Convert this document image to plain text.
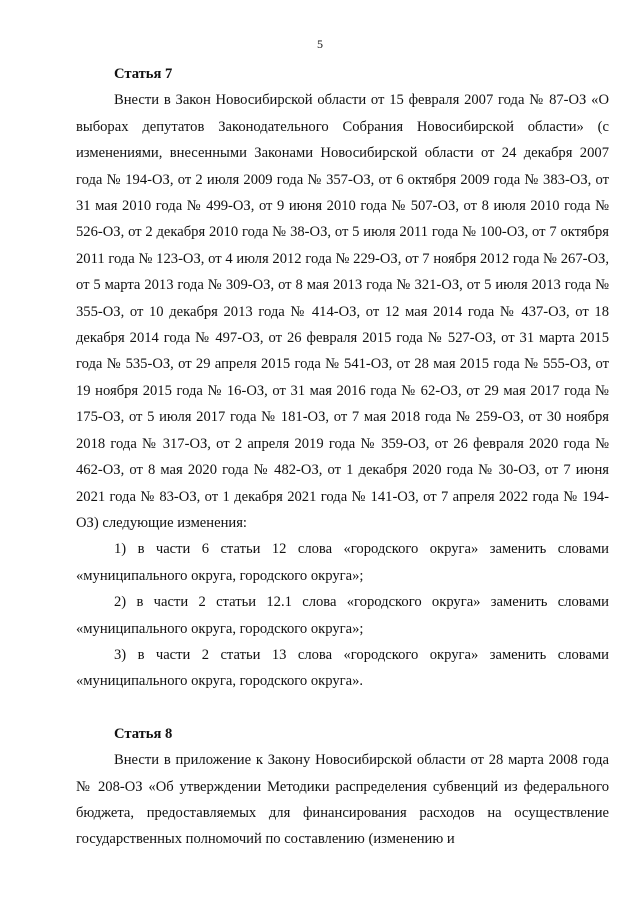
5

Статья 7

Внести в Закон Новосибирской области от 15 февраля 2007 года № 87-ОЗ «О выборах депутатов Законодательного Собрания Новосибирской области» (с изменениями, внесенными Законами Новосибирской области от 24 декабря 2007 года № 194-ОЗ, от 2 июля 2009 года № 357-ОЗ, от 6 октября 2009 года № 383-ОЗ, от 31 мая 2010 года № 499-ОЗ, от 9 июня 2010 года № 507-ОЗ, от 8 июля 2010 года № 526-ОЗ, от 2 декабря 2010 года № 38-ОЗ, от 5 июля 2011 года № 100-ОЗ, от 7 октября 2011 года № 123-ОЗ, от 4 июля 2012 года № 229-ОЗ, от 7 ноября 2012 года № 267-ОЗ, от 5 марта 2013 года № 309-ОЗ, от 8 мая 2013 года № 321-ОЗ, от 5 июля 2013 года № 355-ОЗ, от 10 декабря 2013 года № 414-ОЗ, от 12 мая 2014 года № 437-ОЗ, от 18 декабря 2014 года № 497-ОЗ, от 26 февраля 2015 года № 527-ОЗ, от 31 марта 2015 года № 535-ОЗ, от 29 апреля 2015 года № 541-ОЗ, от 28 мая 2015 года № 555-ОЗ, от 19 ноября 2015 года № 16-ОЗ, от 31 мая 2016 года № 62-ОЗ, от 29 мая 2017 года № 175-ОЗ, от 5 июля 2017 года № 181-ОЗ, от 7 мая 2018 года № 259-ОЗ, от 30 ноября 2018 года № 317-ОЗ, от 2 апреля 2019 года № 359-ОЗ, от 26 февраля 2020 года № 462-ОЗ, от 8 мая 2020 года № 482-ОЗ, от 1 декабря 2020 года № 30-ОЗ, от 7 июня 2021 года № 83-ОЗ, от 1 декабря 2021 года № 141-ОЗ, от 7 апреля 2022 года № 194-ОЗ) следующие изменения:

1) в части 6 статьи 12 слова «городского округа» заменить словами «муниципального округа, городского округа»;

2) в части 2 статьи 12.1 слова «городского округа» заменить словами «муниципального округа, городского округа»;

3) в части 2 статьи 13 слова «городского округа» заменить словами «муниципального округа, городского округа».

Статья 8

Внести в приложение к Закону Новосибирской области от 28 марта 2008 года № 208-ОЗ «Об утверждении Методики распределения субвенций из федерального бюджета, предоставляемых для финансирования расходов на осуществление государственных полномочий по составлению (изменению и
